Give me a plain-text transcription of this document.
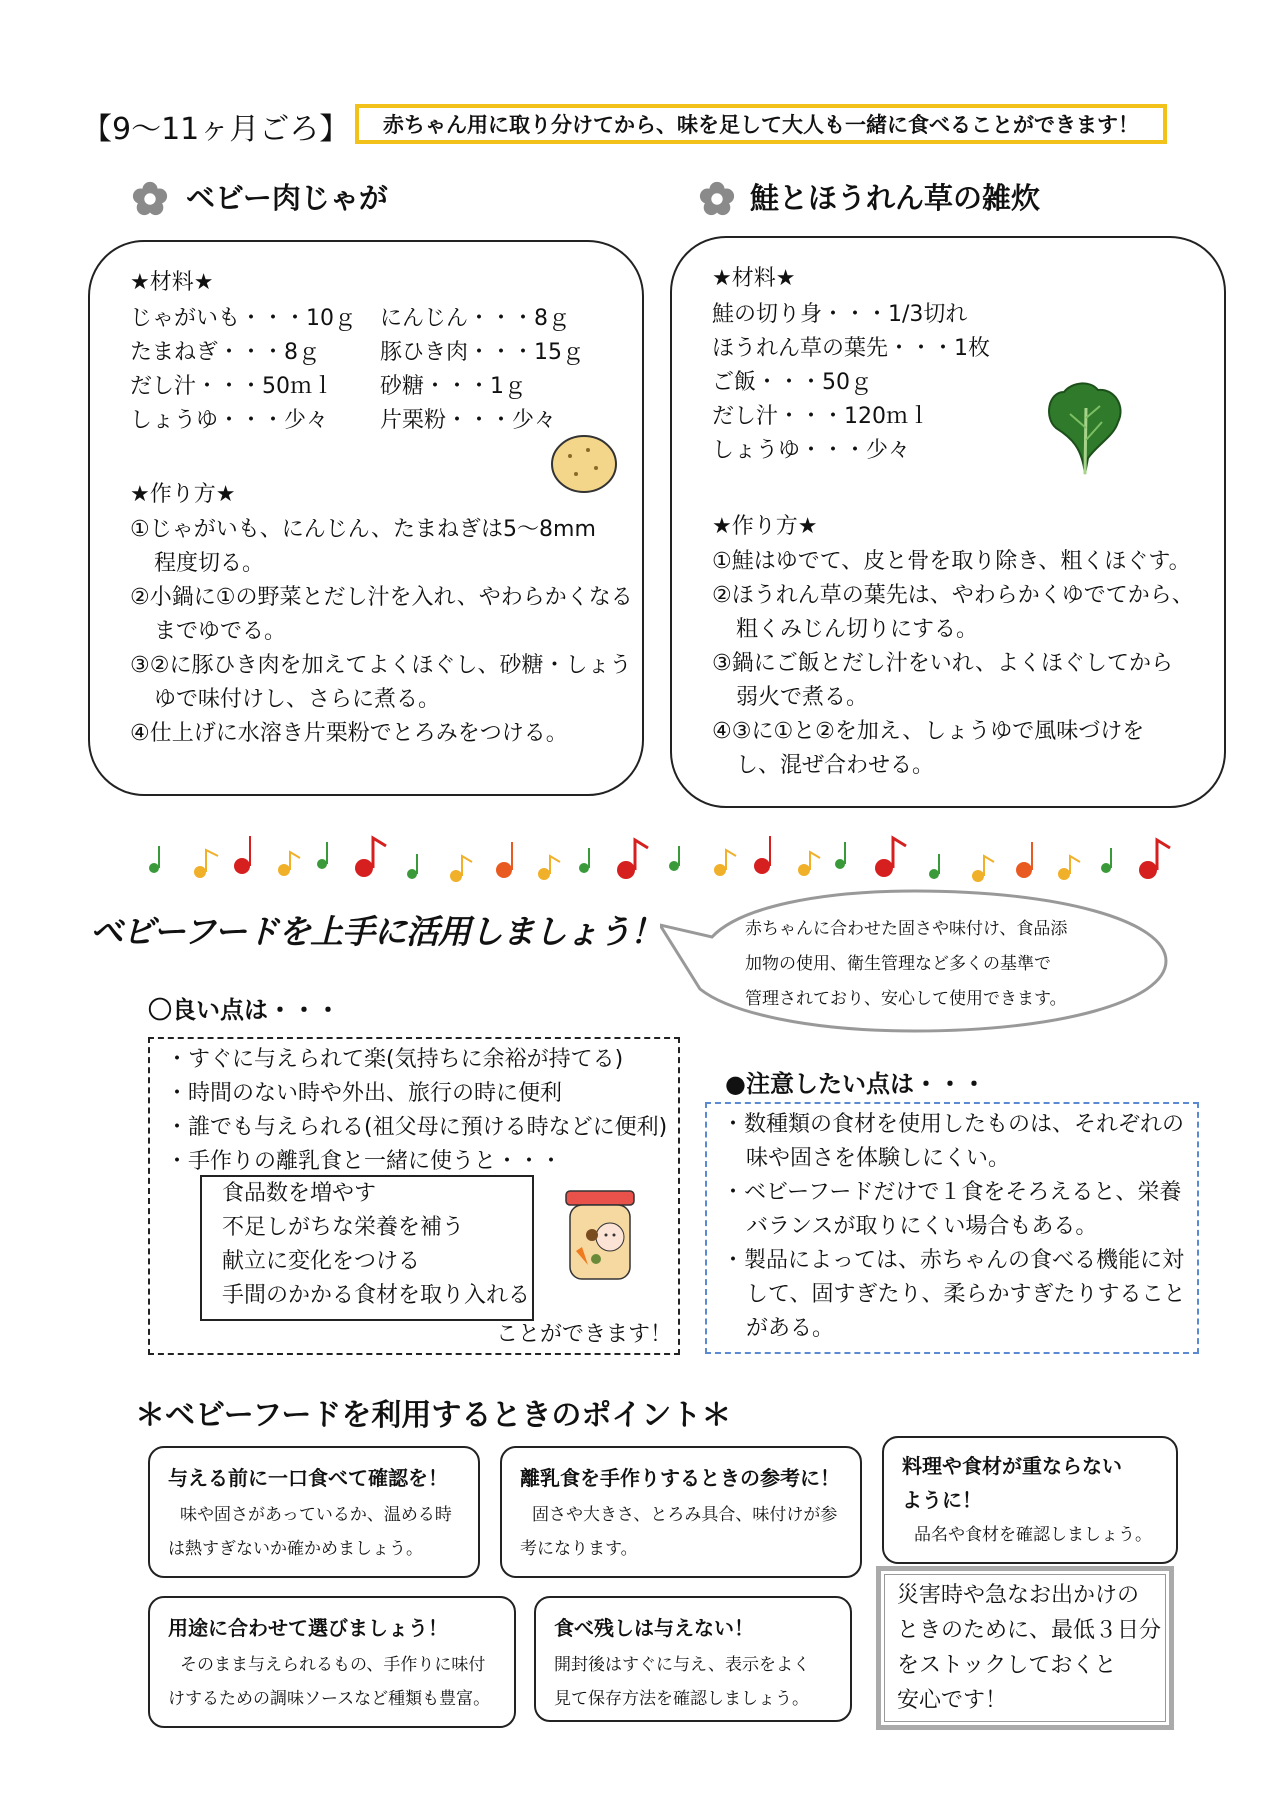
【9～11ヶ月ごろ】	赤ちゃん用に取り分けてから、味を足して大人も一緒に食べることができます！
ベビー肉じゃが
★材料★
じゃがいも・・・10ｇ にんじん・・・8ｇ
たまねぎ・・・8ｇ	豚ひき肉・・・15ｇ
だし汁・・・50ｍｌ 砂糖・・・1ｇ
しょうゆ・・・少々 片栗粉・・・少々
★作り方★
①じゃがいも、にんじん、たまねぎは5～8mm
程度切る。
②小鍋に①の野菜とだし汁を入れ、やわらかくなる
までゆでる。
③②に豚ひき肉を加えてよくほぐし、砂糖・しょう
ゆで味付けし、さらに煮る。
④仕上げに水溶き片栗粉でとろみをつける。
鮭とほうれん草の雑炊
★材料★
鮭の切り身・・・1/3切れ
ほうれん草の葉先・・・1枚
ご飯・・・50ｇ
だし汁・・・120ｍｌ
しょうゆ・・・少々
★作り方★
①鮭はゆでて、皮と骨を取り除き、粗くほぐす。
②ほうれん草の葉先は、やわらかくゆでてから、
粗くみじん切りにする。
③鍋にご飯とだし汁をいれ、よくほぐしてから
弱火で煮る。
④③に①と②を加え、しょうゆで風味づけを
し、混ぜ合わせる。
ベビーフードを上手に活用しましょう！	赤ちゃんに合わせた固さや味付け、食品添
加物の使用、衛生管理など多くの基準で
管理されており、安心して使用できます。
〇良い点は・・・
・すぐに与えられて楽(気持ちに余裕が持てる)
・時間のない時や外出、旅行の時に便利
・誰でも与えられる(祖父母に預ける時などに便利)
・手作りの離乳食と一緒に使うと・・・
食品数を増やす
不足しがちな栄養を補う
献立に変化をつける
手間のかかる食材を取り入れる
ことができます！
●注意したい点は・・・
・数種類の食材を使用したものは、それぞれの
味や固さを体験しにくい。
・ベビーフードだけで１食をそろえると、栄養
バランスが取りにくい場合もある。
・製品によっては、赤ちゃんの食べる機能に対
して、固すぎたり、柔らかすぎたりすること
がある。
＊ベビーフードを利用するときのポイント＊
与える前に一口食べて確認を！
味や固さがあっているか、温める時
は熱すぎないか確かめましょう。
離乳食を手作りするときの参考に！
固さや大きさ、とろみ具合、味付けが参
考になります。
料理や食材が重ならない
ように！
品名や食材を確認しましょう。
用途に合わせて選びましょう！
そのまま与えられるもの、手作りに味付
けするための調味ソースなど種類も豊富。
食べ残しは与えない！
開封後はすぐに与え、表示をよく
見て保存方法を確認しましょう。
災害時や急なお出かけの
ときのために、最低３日分
をストックしておくと
安心です！
